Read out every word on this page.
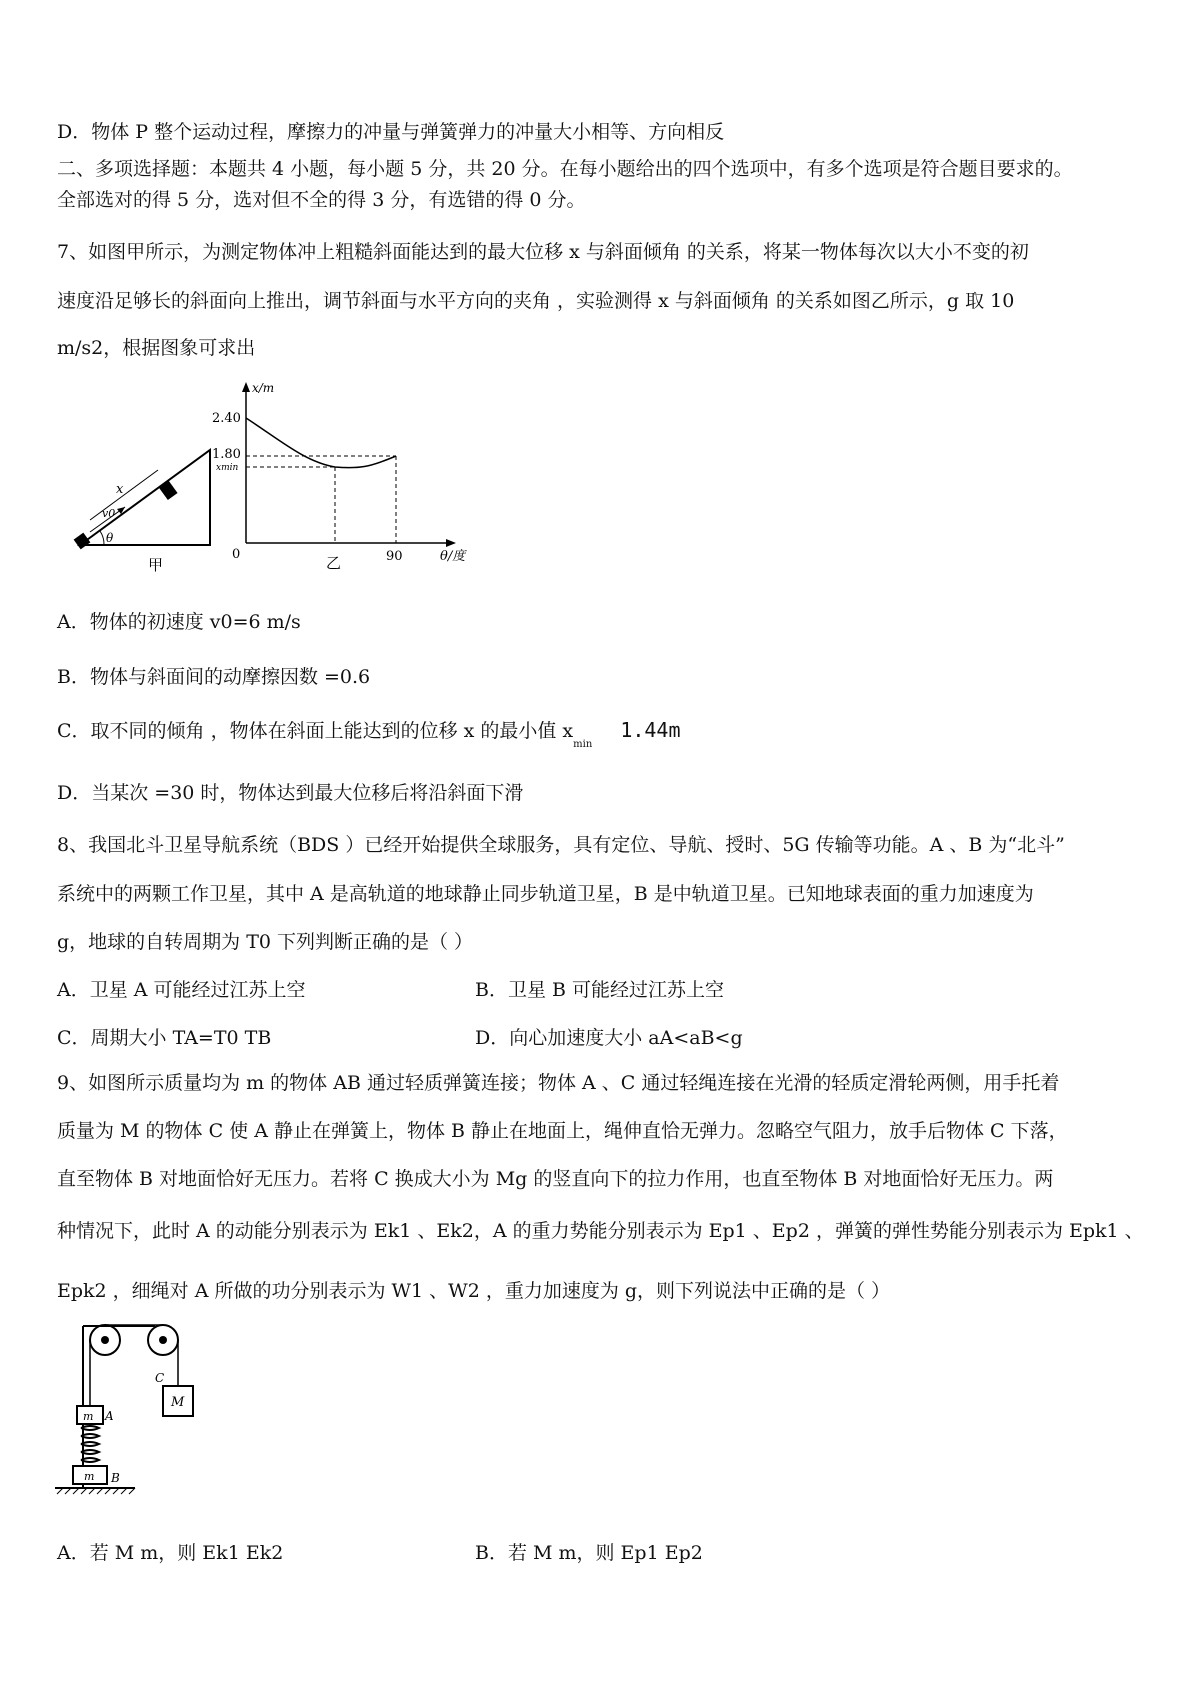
D．物体 P 整个运动过程，摩擦力的冲量与弹簧弹力的冲量大小相等、方向相反
二、多项选择题：本题共 4 小题，每小题 5 分，共 20 分。在每小题给出的四个选项中，有多个选项是符合题目要求的。
全部选对的得 5 分，选对但不全的得 3 分，有选错的得 0 分。
7、如图甲所示，为测定物体冲上粗糙斜面能达到的最大位移 x 与斜面倾角 的关系，将某一物体每次以大小不变的初
速度沿足够长的斜面向上推出，调节斜面与水平方向的夹角 ，实验测得 x 与斜面倾角 的关系如图乙所示，g 取 10
m/s2，根据图象可求出
x
v0
θ
甲
x/m
2.40
1.80
xmin
0	90	θ/度
乙
A．物体的初速度 v0=6 m/s
B．物体与斜面间的动摩擦因数 =0.6
C．取不同的倾角 ，物体在斜面上能达到的位移 x 的最小值 $x_{min}$ 1.44m
D．当某次 =30 时，物体达到最大位移后将沿斜面下滑
8、我国北斗卫星导航系统（BDS ）已经开始提供全球服务，具有定位、导航、授时、5G 传输等功能。A 、B 为“北斗”
系统中的两颗工作卫星，其中 A 是高轨道的地球静止同步轨道卫星，B 是中轨道卫星。已知地球表面的重力加速度为
g，地球的自转周期为 T0 下列判断正确的是（ ）
A．卫星 A 可能经过江苏上空	B．卫星 B 可能经过江苏上空
C．周期大小 TA=T0 TB	D．向心加速度大小 aA<aB<g
9、如图所示质量均为 m 的物体 AB 通过轻质弹簧连接；物体 A 、C 通过轻绳连接在光滑的轻质定滑轮两侧，用手托着
质量为 M 的物体 C 使 A 静止在弹簧上，物体 B 静止在地面上，绳伸直恰无弹力。忽略空气阻力，放手后物体 C 下落，
直至物体 B 对地面恰好无压力。若将 C 换成大小为 Mg 的竖直向下的拉力作用，也直至物体 B 对地面恰好无压力。两
种情况下，此时 A 的动能分别表示为 Ek1 、Ek2，A 的重力势能分别表示为 Ep1 、Ep2 ，弹簧的弹性势能分别表示为 Epk1 、
Epk2 ，细绳对 A 所做的功分别表示为 W1 、W2 ，重力加速度为 g，则下列说法中正确的是（ ）
m A
C
M
m B
A．若 M m，则 Ek1 Ek2	B．若 M m，则 Ep1 Ep2
